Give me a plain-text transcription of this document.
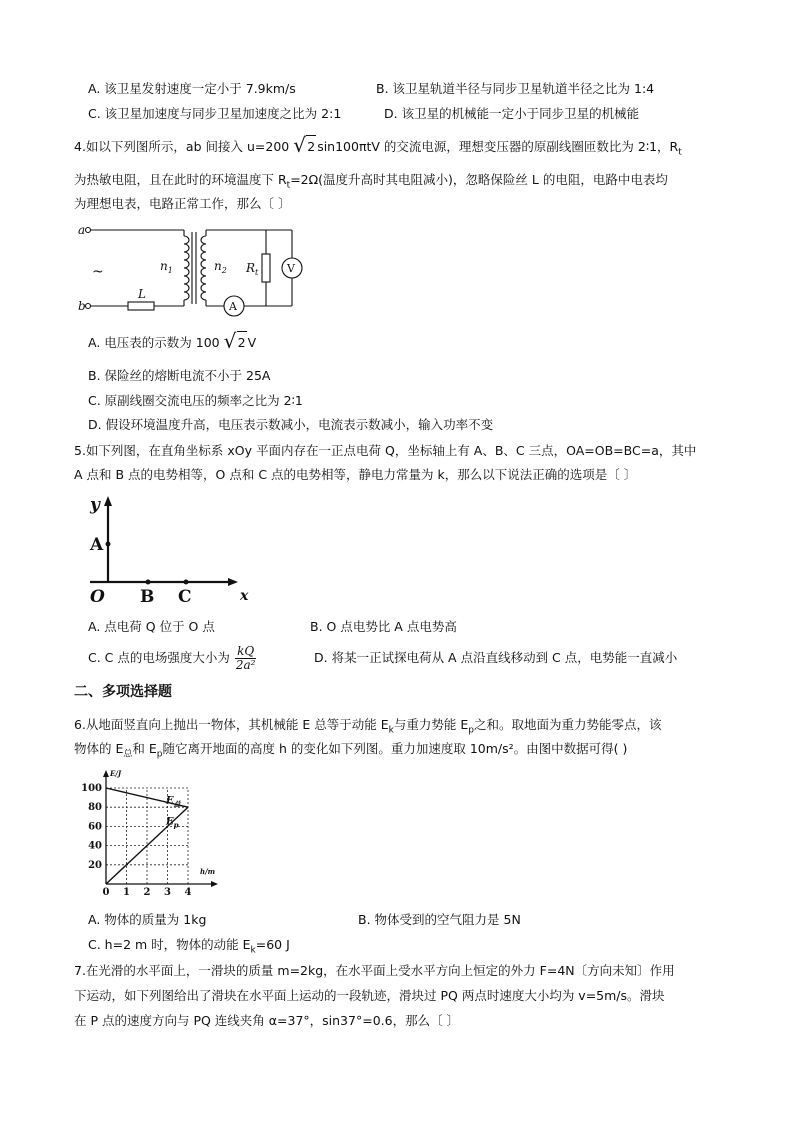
A. 该卫星发射速度一定小于 7.9km/s	B. 该卫星轨道半径与同步卫星轨道半径之比为 1:4
C. 该卫星加速度与同步卫星加速度之比为 2:1	D. 该卫星的机械能一定小于同步卫星的机械能
4.如以下列图所示，ab 间接入 u=200 √ 2 sin100πtV 的交流电源，理想变压器的原副线圈匝数比为 2∶1，$R_t$
为热敏电阻，且在此时的环境温度下 $R_t=2\Omega$(温度升高时其电阻减小)，忽略保险丝 L 的电阻，电路中电表均
为理想电表，电路正常工作，那么〔 〕
a
b
~
L
$n_1$	$n_2$ $R_t$	V
A
A. 电压表的示数为 100 √ 2 V
B. 保险丝的熔断电流不小于 25A
C. 原副线圈交流电压的频率之比为 2∶1
D. 假设环境温度升高，电压表示数减小，电流表示数减小，输入功率不变
5.如下列图，在直角坐标系 xOy 平面内存在一正点电荷 Q，坐标轴上有 A、B、C 三点，OA=OB=BC=a，其中
A 点和 B 点的电势相等，O 点和 C 点的电势相等，静电力常量为 k，那么以下说法正确的选项是〔 〕
y
x
O
A
B C
A. 点电荷 Q 位于 O 点	B. O 点电势比 A 点电势高
C. C 点的电场强度大小为 $\frac{kQ}{\text{2a²}}$	D. 将某一正试探电荷从 A 点沿直线移动到 C 点，电势能一直减小
二、多项选择题
6.从地面竖直向上抛出一物体，其机械能 E 总等于动能 $E_k$与重力势能 $E_p$之和。取地面为重力势能零点，该
物体的 $E_总$和 $E_p$随它离开地面的高度 h 的变化如下列图。重力加速度取 10m/s²。由图中数据可得( )
20
40
60
80
100
0 1 2 3 4
E/J
h/m
$E_总$
$E_p$
A. 物体的质量为 1kg	B. 物体受到的空气阻力是 5N
C. h=2 m 时，物体的动能 $E_k=60$ J
7.在光滑的水平面上，一滑块的质量 m=2kg，在水平面上受水平方向上恒定的外力 F=4N〔方向未知〕作用
下运动，如下列图给出了滑块在水平面上运动的一段轨迹，滑块过 PQ 两点时速度大小均为 v=5m/s。滑块
在 P 点的速度方向与 PQ 连线夹角 α=37°，sin37°=0.6，那么〔 〕
